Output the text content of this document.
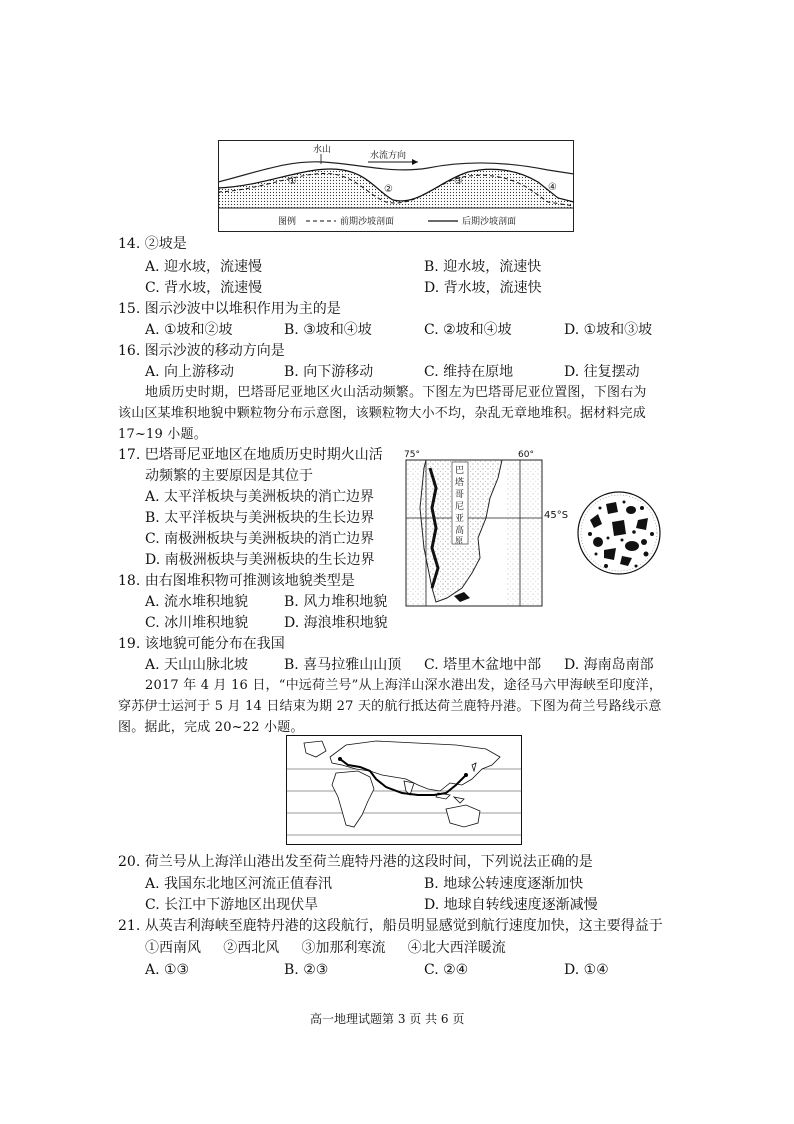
水山
水流方向
①
②
③
④
图例	前期沙坡剖面	后期沙坡剖面
14. ②坡是
A. 迎水坡，流速慢	B. 迎水坡，流速快
C. 背水坡，流速慢	D. 背水坡，流速快
15. 图示沙波中以堆积作用为主的是
A. ①坡和②坡	B. ③坡和④坡	C. ②坡和④坡	D. ①坡和③坡
16. 图示沙波的移动方向是
A. 向上游移动	B. 向下游移动	C. 维持在原地	D. 往复摆动
地质历史时期，巴塔哥尼亚地区火山活动频繁。下图左为巴塔哥尼亚位置图，下图右为
该山区某堆积地貌中颗粒物分布示意图，该颗粒物大小不均，杂乱无章地堆积。据材料完成
17~19 小题。
17. 巴塔哥尼亚地区在地质历史时期火山活
动频繁的主要原因是其位于
A. 太平洋板块与美洲板块的消亡边界
B. 太平洋板块与美洲板块的生长边界
C. 南极洲板块与美洲板块的消亡边界
D. 南极洲板块与美洲板块的生长边界
18. 由右图堆积物可推测该地貌类型是
A. 流水堆积地貌	B. 风力堆积地貌
C. 冰川堆积地貌	D. 海浪堆积地貌
75°	60°
巴
塔
哥
尼
亚
高
原
45°S
19. 该地貌可能分布在我国
A. 天山山脉北坡	B. 喜马拉雅山山顶 C. 塔里木盆地中部 D. 海南岛南部
2017 年 4 月 16 日，“中远荷兰号”从上海洋山深水港出发，途径马六甲海峡至印度洋，
穿苏伊士运河于 5 月 14 日结束为期 27 天的航行抵达荷兰鹿特丹港。下图为荷兰号路线示意
图。据此，完成 20~22 小题。
20. 荷兰号从上海洋山港出发至荷兰鹿特丹港的这段时间，下列说法正确的是
A. 我国东北地区河流正值春汛	B. 地球公转速度逐渐加快
C. 长江中下游地区出现伏旱	D. 地球自转线速度逐渐减慢
21. 从英吉利海峡至鹿特丹港的这段航行，船员明显感觉到航行速度加快，这主要得益于
①西南风     ②西北风     ③加那利寒流     ④北大西洋暖流
A. ①③	B. ②③	C. ②④	D. ①④
高一地理试题第 3 页 共 6 页
